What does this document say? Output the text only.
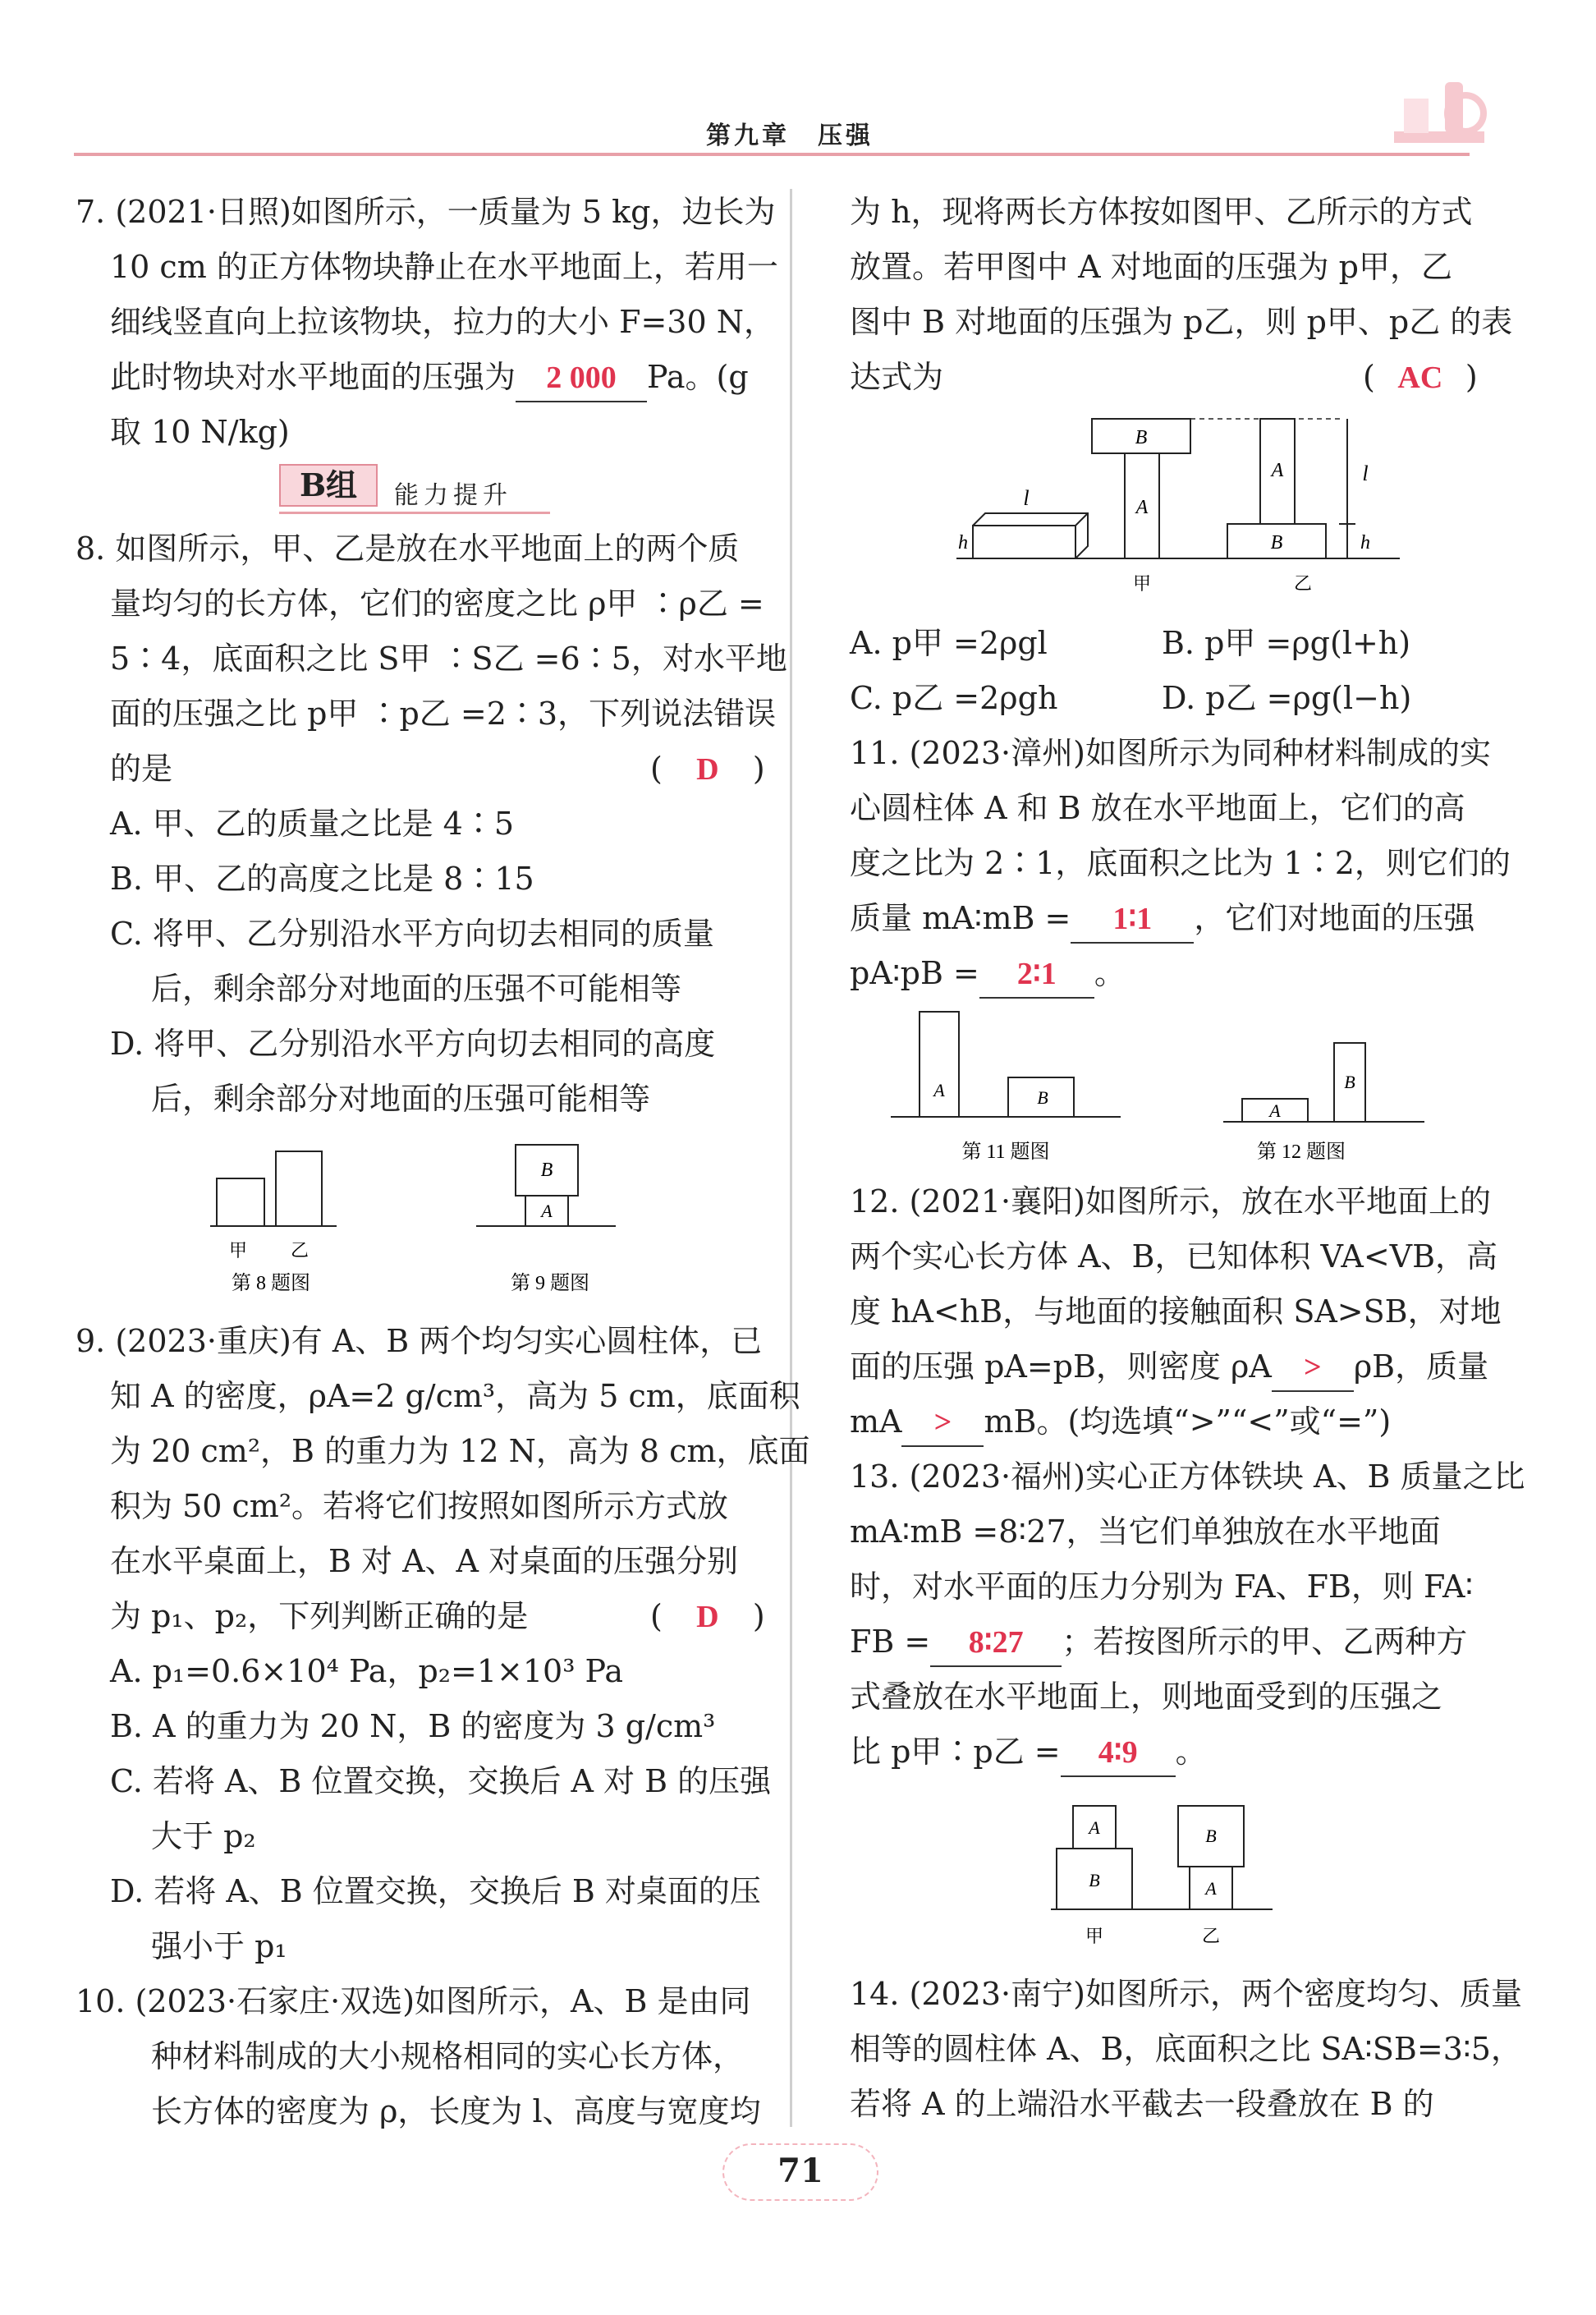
第九章　压强
7. (2021·日照)如图所示，一质量为 5 kg，边长为
10 cm 的正方体物块静止在水平地面上，若用一
细线竖直向上拉该物块，拉力的大小 F=30 N，
此时物块对水平地面的压强为 2 000 Pa。(g
取 10 N/kg)
B组 能力提升
8. 如图所示，甲、乙是放在水平地面上的两个质
量均匀的长方体，它们的密度之比 ρ甲 ∶ρ乙 =
5∶4，底面积之比 S甲 ∶S乙 =6∶5，对水平地
面的压强之比 p甲 ∶p乙 =2∶3，下列说法错误
的是	( D )
A. 甲、乙的质量之比是 4∶5
B. 甲、乙的高度之比是 8∶15
C. 将甲、乙分别沿水平方向切去相同的质量
后，剩余部分对地面的压强不可能相等
D. 将甲、乙分别沿水平方向切去相同的高度
后，剩余部分对地面的压强可能相等
甲 乙
第 8 题图
B
A
第 9 题图
9. (2023·重庆)有 A、B 两个均匀实心圆柱体，已
知 A 的密度，ρA=2 g/cm³，高为 5 cm，底面积
为 20 cm²，B 的重力为 12 N，高为 8 cm，底面
积为 50 cm²。若将它们按照如图所示方式放
在水平桌面上，B 对 A、A 对桌面的压强分别
为 p₁、p₂，下列判断正确的是	( D )
A. p₁=0.6×10⁴ Pa，p₂=1×10³ Pa
B. A 的重力为 20 N，B 的密度为 3 g/cm³
C. 若将 A、B 位置交换，交换后 A 对 B 的压强
大于 p₂
D. 若将 A、B 位置交换，交换后 B 对桌面的压
强小于 p₁
10. (2023·石家庄·双选)如图所示，A、B 是由同
种材料制成的大小规格相同的实心长方体，
长方体的密度为 ρ，长度为 l、高度与宽度均
为 h，现将两长方体按如图甲、乙所示的方式
放置。若甲图中 A 对地面的压强为 p甲，乙
图中 B 对地面的压强为 p乙，则 p甲、p乙 的表
达式为	( AC )
l
h
B
A
A
B
l
h
甲	乙
A. p甲 =2ρgl	B. p甲 =ρg(l+h)
C. p乙 =2ρgh	D. p乙 =ρg(l−h)
11. (2023·漳州)如图所示为同种材料制成的实
心圆柱体 A 和 B 放在水平地面上，它们的高
度之比为 2∶1，底面积之比为 1∶2，则它们的
质量 mA∶mB = 1∶1 ，它们对地面的压强
pA∶pB = 2∶1 。
A	B
第 11 题图
A
B
第 12 题图
12. (2021·襄阳)如图所示，放在水平地面上的
两个实心长方体 A、B，已知体积 VA<VB，高
度 hA<hB，与地面的接触面积 SA>SB，对地
面的压强 pA=pB，则密度 ρA > ρB，质量
mA > mB。(均选填“>”“<”或“=”)
13. (2023·福州)实心正方体铁块 A、B 质量之比
mA∶mB =8∶27，当它们单独放在水平地面
时，对水平面的压力分别为 FA、FB，则 FA∶
FB = 8∶27 ；若按图所示的甲、乙两种方
式叠放在水平地面上，则地面受到的压强之
比 p甲∶p乙 = 4∶9 。
A
B
B
A
甲	乙
14. (2023·南宁)如图所示，两个密度均匀、质量
相等的圆柱体 A、B，底面积之比 SA∶SB=3∶5，
若将 A 的上端沿水平截去一段叠放在 B 的
71
